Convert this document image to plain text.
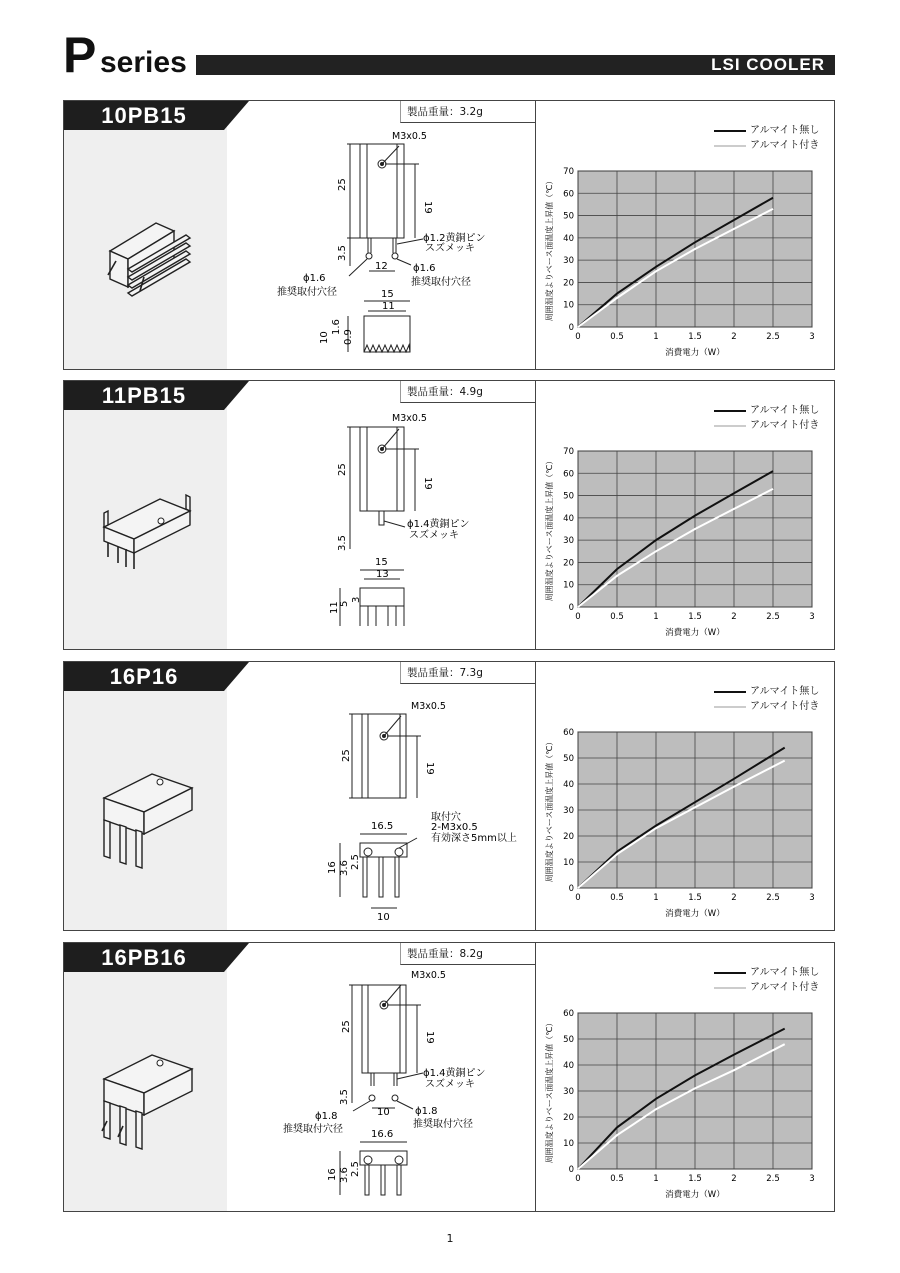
P series	LSI COOLER
10PB15
M3x0.5
25
19
3.5
12
ϕ1.2黄銅ピン
スズメッキ
ϕ1.6
推奨取付穴径
ϕ1.6
推奨取付穴径
15
11
10
1.6
0.9
製品重量：3.2g
0	0.5	1	1.5	2	2.5	3
0
10
20
30
40
50
60
70
消費電力（W）
周囲温度よりベース面温度上昇値（℃）
アルマイト無し
アルマイト付き
11PB15
M3x0.5
25
19
3.5
ϕ1.4黄銅ピン
スズメッキ
15
13
11 5
3
製品重量：4.9g
0	0.5	1	1.5	2	2.5	3
0
10
20
30
40
50
60
70
消費電力（W）
周囲温度よりベース面温度上昇値（℃）
アルマイト無し
アルマイト付き
16P16
M3x0.5
25
19
16.5
取付穴
2-M3x0.5
有効深さ5mm以上
16 3.6 2.5
10
製品重量：7.3g
0	0.5	1	1.5	2	2.5	3
0
10
20
30
40
50
60
消費電力（W）
周囲温度よりベース面温度上昇値（℃）
アルマイト無し
アルマイト付き
16PB16
M3x0.5
25
19
3.5
10
ϕ1.4黄銅ピン
スズメッキ
ϕ1.8
推奨取付穴径
ϕ1.8
推奨取付穴径
16.6
16 3.6 2.5
製品重量：8.2g
0	0.5	1	1.5	2	2.5	3
0
10
20
30
40
50
60
消費電力（W）
周囲温度よりベース面温度上昇値（℃）
アルマイト無し
アルマイト付き
1
